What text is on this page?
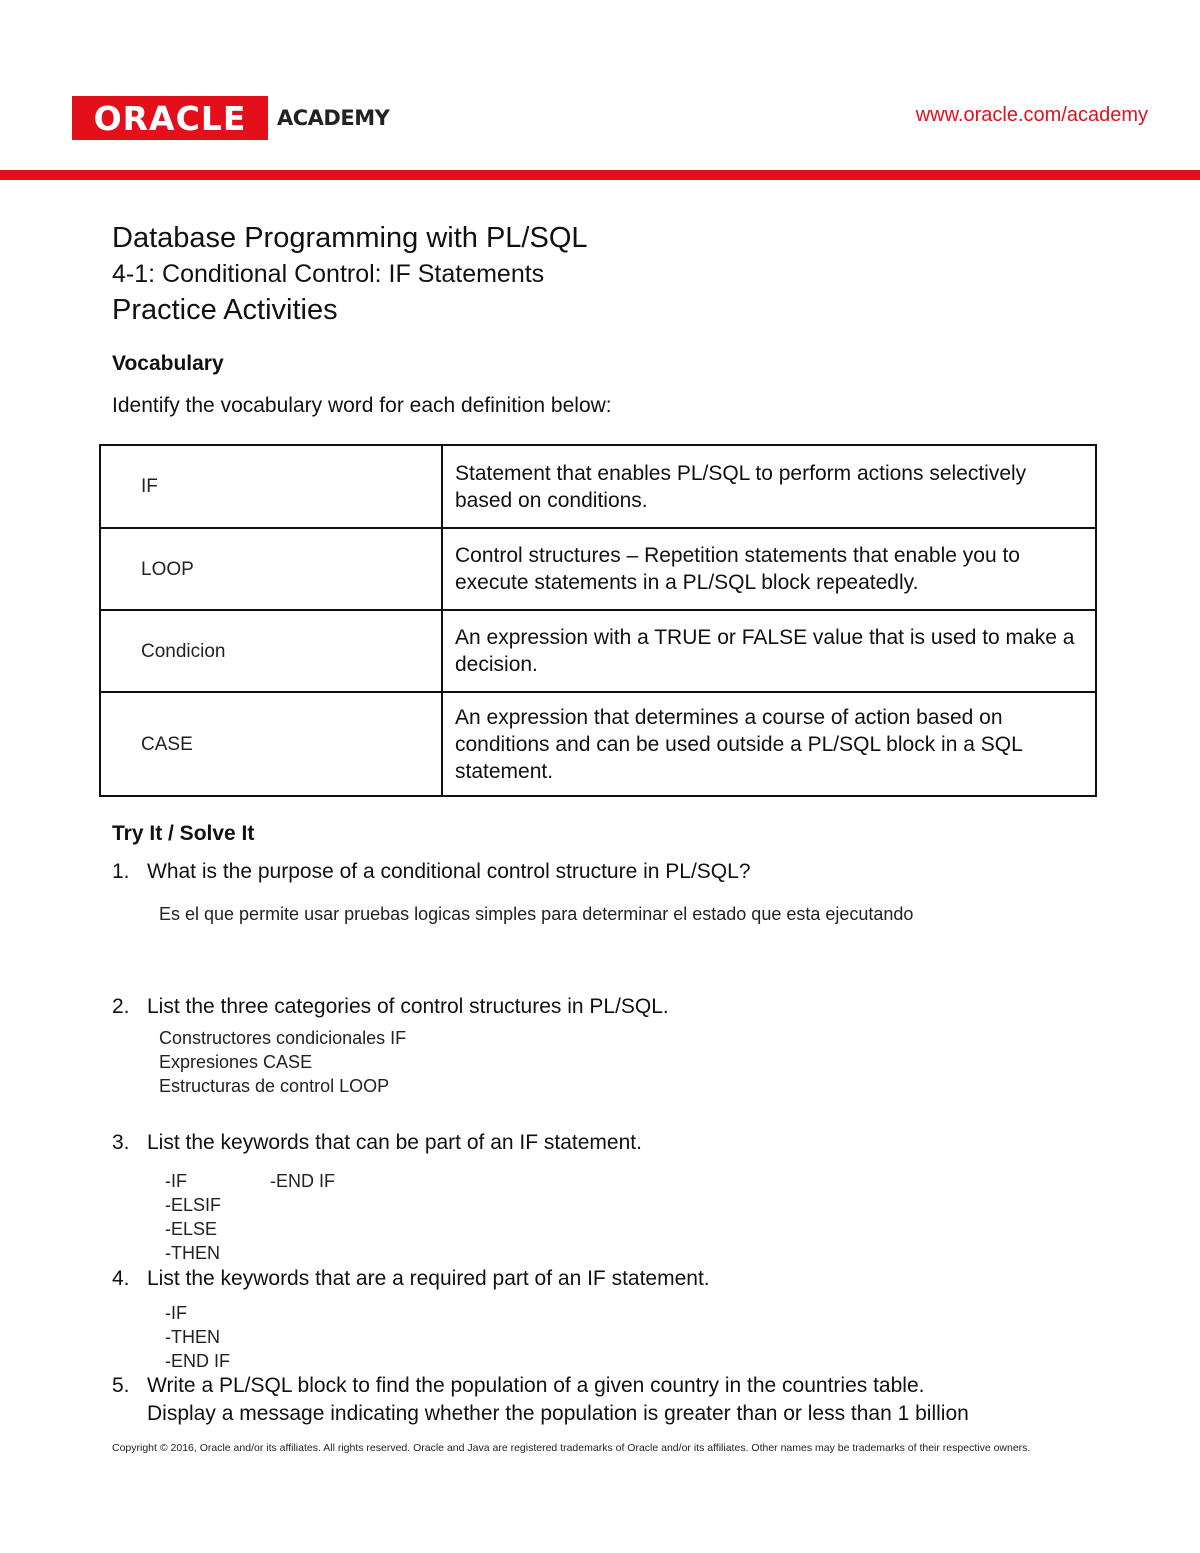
ORACLE ACADEMY	www.oracle.com/academy
Database Programming with PL/SQL
4-1: Conditional Control: IF Statements
Practice Activities
Vocabulary
Identify the vocabulary word for each definition below:
IF	Statement that enables PL/SQL to perform actions selectively based on conditions.
LOOP	Control structures – Repetition statements that enable you to execute statements in a PL/SQL block repeatedly.
Condicion	An expression with a TRUE or FALSE value that is used to make a decision.
CASE	An expression that determines a course of action based on conditions and can be used outside a PL/SQL block in a SQL statement.
Try It / Solve It
1. What is the purpose of a conditional control structure in PL/SQL?
Es el que permite usar pruebas logicas simples para determinar el estado que esta ejecutando
2. List the three categories of control structures in PL/SQL.
Constructores condicionales IF
Expresiones CASE
Estructuras de control LOOP
3. List the keywords that can be part of an IF statement.
-IF
-ELSIF
-ELSE
-THEN
-END IF
4. List the keywords that are a required part of an IF statement.
-IF
-THEN
-END IF
5. Write a PL/SQL block to find the population of a given country in the countries table.
Display a message indicating whether the population is greater than or less than 1 billion
Copyright © 2016, Oracle and/or its affiliates. All rights reserved. Oracle and Java are registered trademarks of Oracle and/or its affiliates. Other names may be trademarks of their respective owners.
